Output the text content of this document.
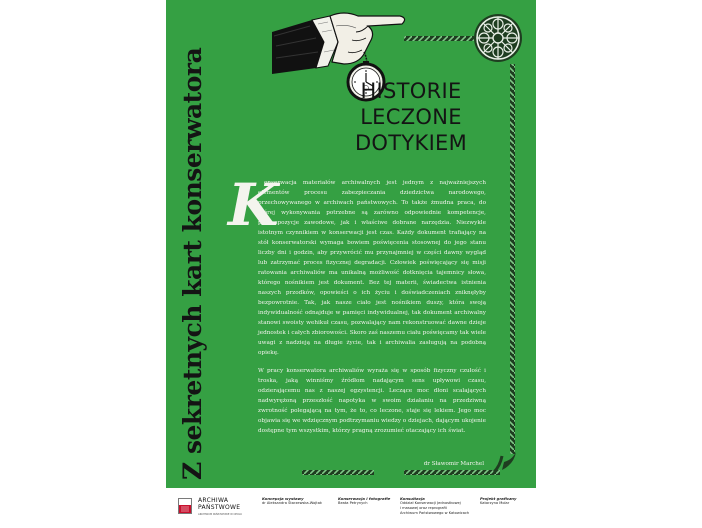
Z sekretnych kart konserwatora	HISTORIE
LECZONE
DOTYKIEM
K

onserwacja materiałów archiwalnych jest jednym z najważniejszych elementów procesu zabezpieczania dziedzictwa narodowego, przechowywanego w archiwach państwowych. To także żmudna praca, do której wykonywania potrzebne są zarówno odpowiednie kompetencje, predyspozycje zawodowe, jak i właściwe dobrane narzędzia. Niezwykle istotnym czynnikiem w konserwacji jest czas. Każdy dokument trafiający na stół konserwatorski wymaga bowiem poświęcenia stosownej do jego stanu liczby dni i godzin, aby przywrócić mu przynajmniej w części dawny wygląd lub zatrzymać proces fizycznej degradacji. Człowiek poświęcający się misji ratowania archiwaliów ma unikalną możliwość dotknięcia tajemnicy słowa, którego nośnikiem jest dokument. Bez tej materii, świadectwa istnienia naszych przodków, opowieści o ich życiu i doświadczeniach zniknęłyby bezpowrotnie. Tak, jak nasze ciało jest nośnikiem duszy, która swoją indywidualność odnajduje w pamięci indywidualnej, tak dokument archiwalny stanowi swoisty wehikuł czasu, pozwalający nam rekonstruować dawne dzieje jednostek i całych zbiorowości. Skoro zaś naszemu ciału poświęcamy tak wiele uwagi z nadzieją na długie życie, tak i archiwalia zasługują na podobną opiekę.

W pracy konserwatora archiwaliów wyraża się w sposób fizyczny czułość i troska, jaką winniśmy źródłom nadającym sens upływowi czasu, odzierającemu nas z naszej egzystencji. Leczące moc dłoni scalających nadwyrężoną przeszłość napotyka w swoim działaniu na przedziwną zwrotność polegającą na tym, że to, co leczone, staje się lekiem. Jego moc objawia się we wdzięcznym podtrzymaniu wiedzy o dziejach, dającym ukojenie dostępne tym wszystkim, którzy pragną zrozumieć otaczający ich świat.

dr Sławomir Marchel
ARCHIWA PAŃSTWOWE
ARCHIWUM PAŃSTWOWE W OPOLU
Koncepcja wystawy
dr Aleksandra Starzewska-Wojtak
Konserwacja i fotografie
Beata Petrynych
Konsultacja
Oddział Konserwacji Jednostkowej
i masowej oraz reprografii
Archiwum Państwowego w Katowicach
Projekt graficzny
Katarzyna Molar
